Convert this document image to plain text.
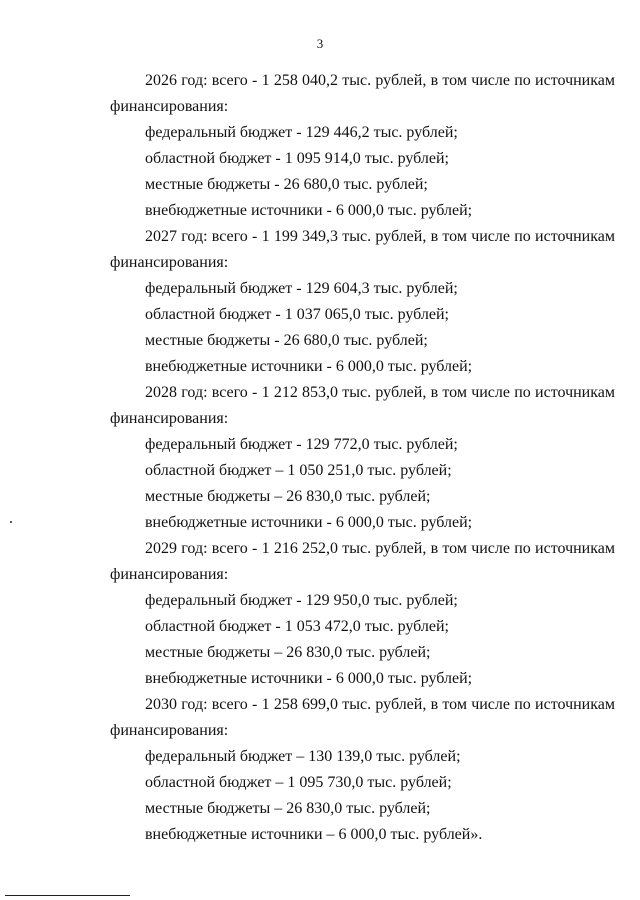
3

2026 год: всего - 1 258 040,2 тыс. рублей, в том числе по источникам финансирования:

федеральный бюджет - 129 446,2 тыс. рублей;

областной бюджет - 1 095 914,0 тыс. рублей;

местные бюджеты - 26 680,0 тыс. рублей;

внебюджетные источники - 6 000,0 тыс. рублей;

2027 год: всего - 1 199 349,3 тыс. рублей, в том числе по источникам финансирования:

федеральный бюджет - 129 604,3 тыс. рублей;

областной бюджет - 1 037 065,0 тыс. рублей;

местные бюджеты - 26 680,0 тыс. рублей;

внебюджетные источники - 6 000,0 тыс. рублей;

2028 год: всего - 1 212 853,0 тыс. рублей, в том числе по источникам финансирования:

федеральный бюджет - 129 772,0 тыс. рублей;

областной бюджет – 1 050 251,0 тыс. рублей;

местные бюджеты – 26 830,0 тыс. рублей;

внебюджетные источники - 6 000,0 тыс. рублей;

2029 год: всего - 1 216 252,0 тыс. рублей, в том числе по источникам финансирования:

федеральный бюджет - 129 950,0 тыс. рублей;

областной бюджет - 1 053 472,0 тыс. рублей;

местные бюджеты – 26 830,0 тыс. рублей;

внебюджетные источники - 6 000,0 тыс. рублей;

2030 год: всего - 1 258 699,0 тыс. рублей, в том числе по источникам финансирования:

федеральный бюджет – 130 139,0 тыс. рублей;

областной бюджет – 1 095 730,0 тыс. рублей;

местные бюджеты – 26 830,0 тыс. рублей;

внебюджетные источники – 6 000,0 тыс. рублей».
